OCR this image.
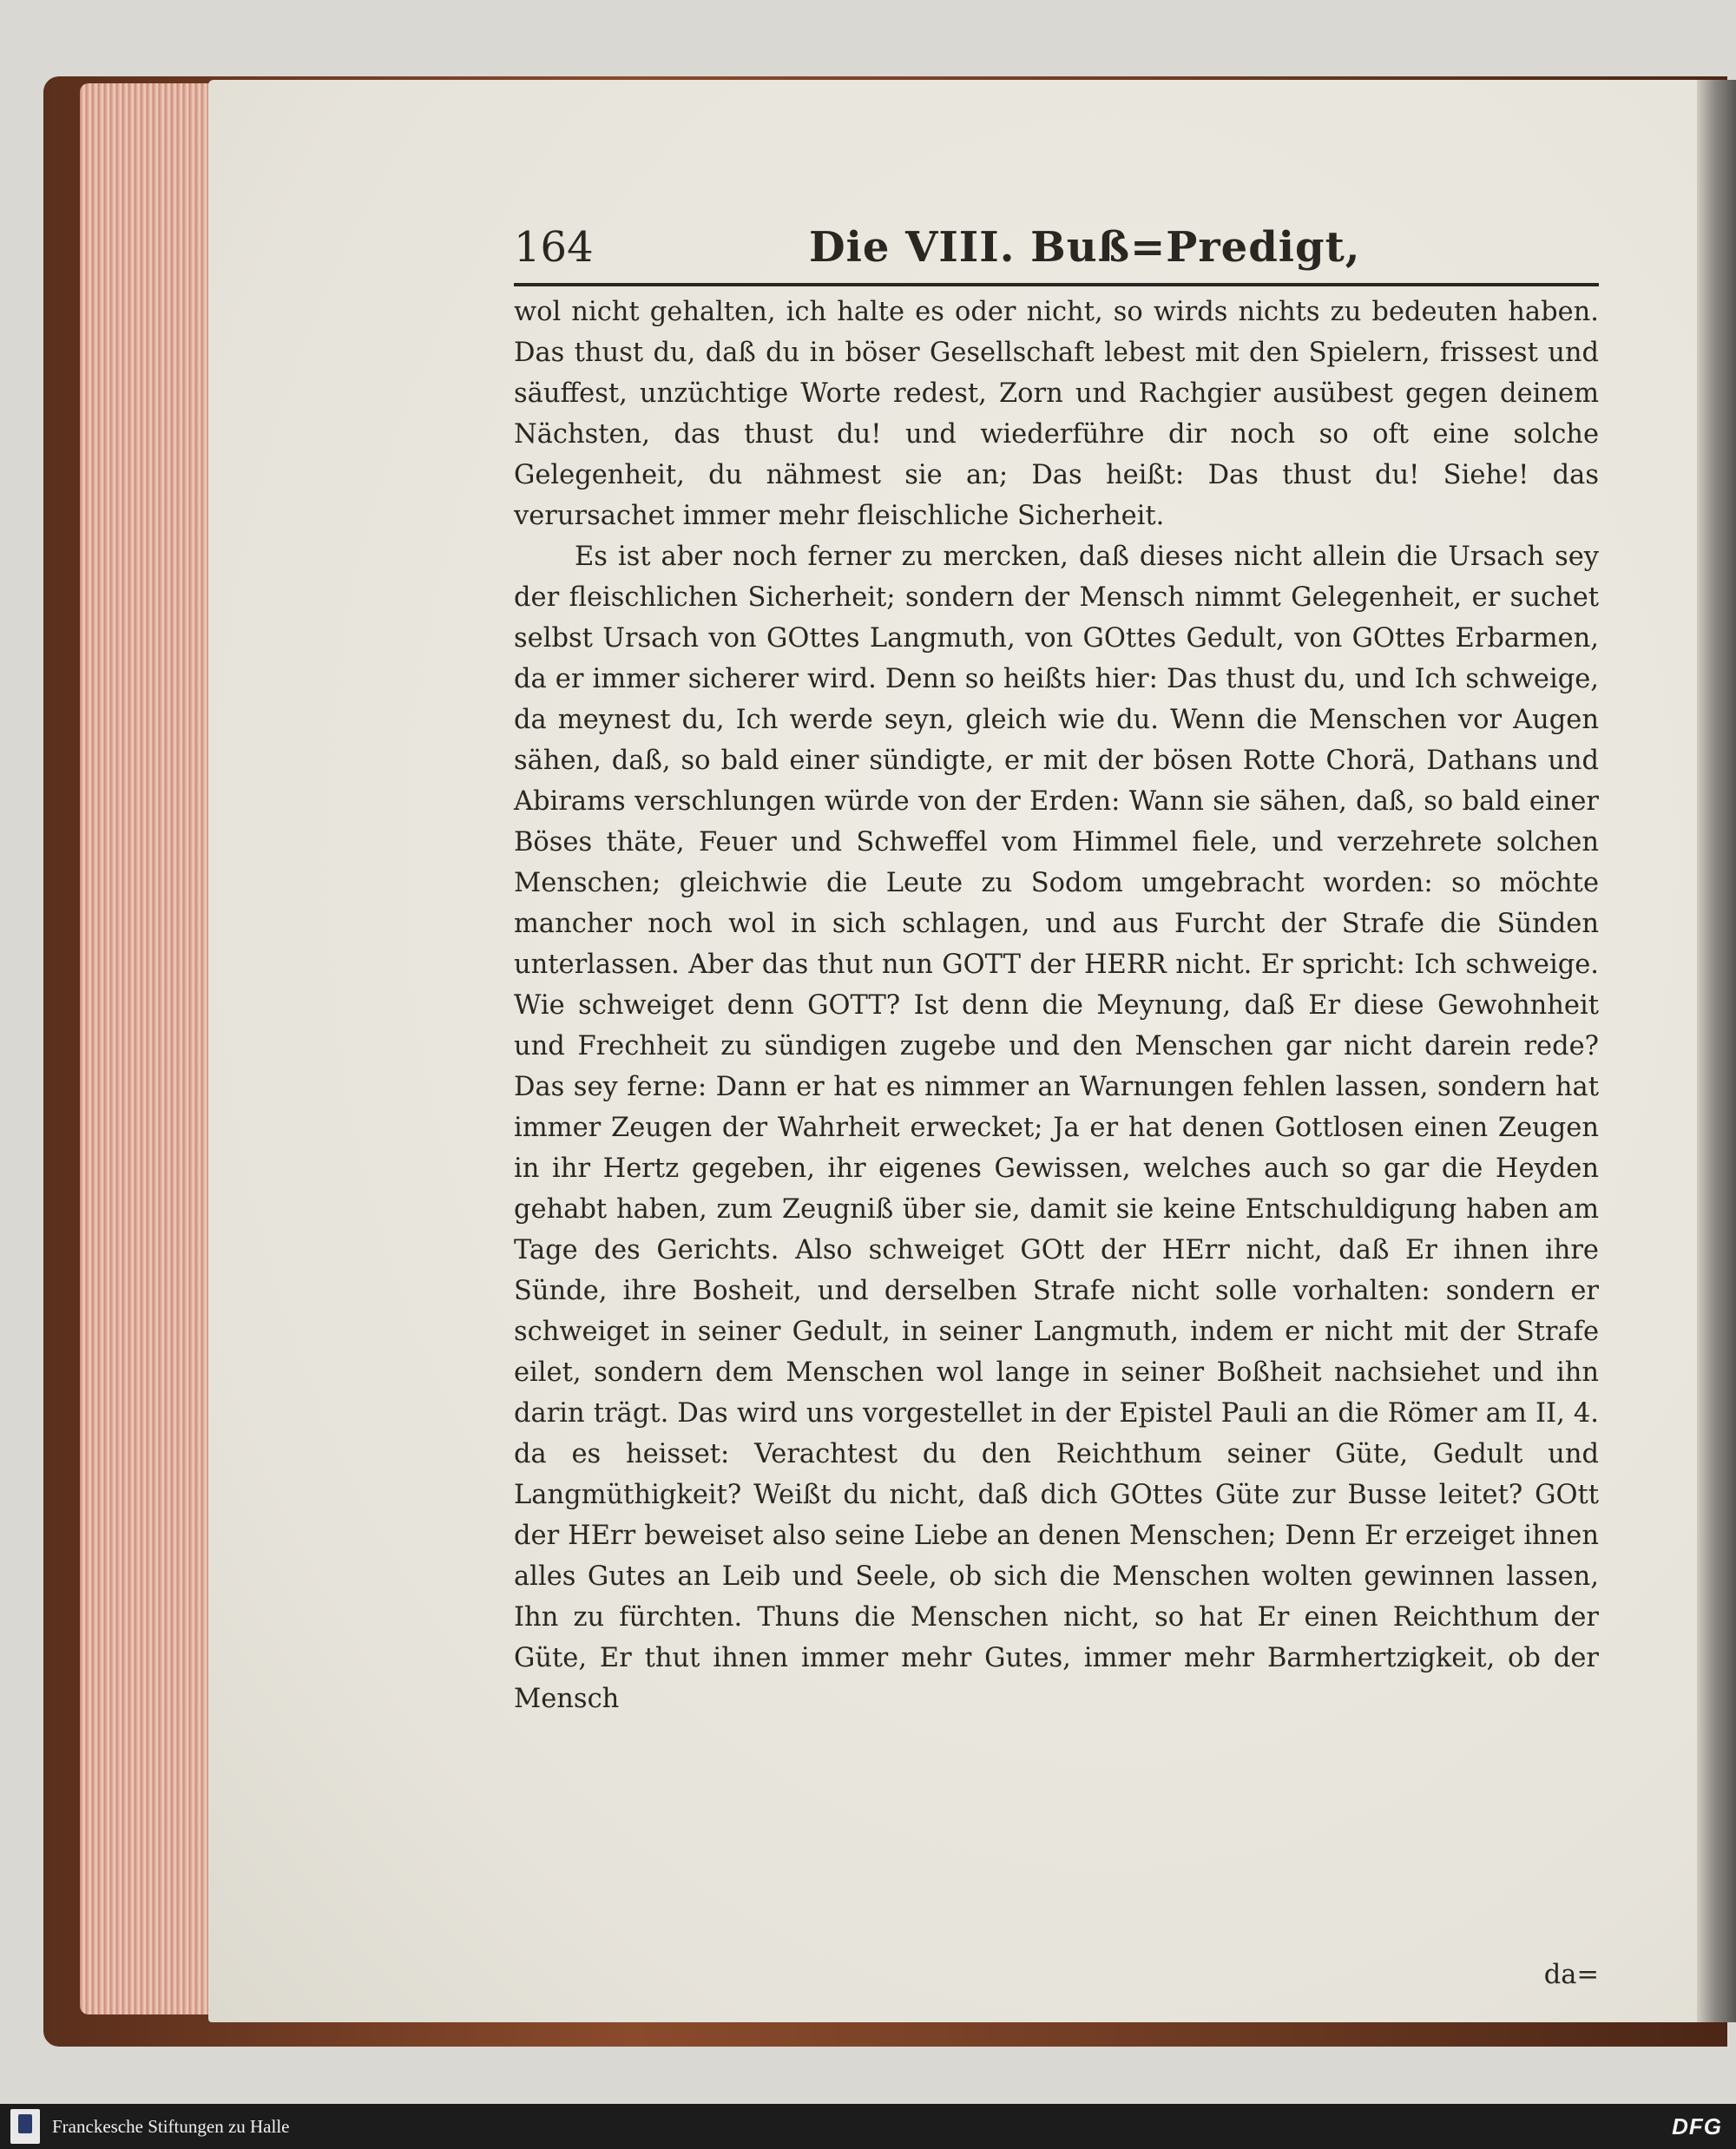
164	Die VIII. Buß=Predigt,

wol nicht gehalten, ich halte es oder nicht, so wirds nichts zu bedeuten haben. Das thust du, daß du in böser Gesellschaft lebest mit den Spielern, frissest und säuffest, unzüchtige Worte redest, Zorn und Rachgier ausübest gegen deinem Nächsten, das thust du! und wiederführe dir noch so oft eine solche Gelegenheit, du nähmest sie an; Das heißt: Das thust du! Siehe! das verursachet immer mehr fleischliche Sicherheit.

Es ist aber noch ferner zu mercken, daß dieses nicht allein die Ursach sey der fleischlichen Sicherheit; sondern der Mensch nimmt Gelegenheit, er suchet selbst Ursach von GOttes Langmuth, von GOttes Gedult, von GOttes Erbarmen, da er immer sicherer wird. Denn so heißts hier: Das thust du, und Ich schweige, da meynest du, Ich werde seyn, gleich wie du. Wenn die Menschen vor Augen sähen, daß, so bald einer sündigte, er mit der bösen Rotte Chorä, Dathans und Abirams verschlungen würde von der Erden: Wann sie sähen, daß, so bald einer Böses thäte, Feuer und Schweffel vom Himmel fiele, und verzehrete solchen Menschen; gleichwie die Leute zu Sodom umgebracht worden: so möchte mancher noch wol in sich schlagen, und aus Furcht der Strafe die Sünden unterlassen. Aber das thut nun GOTT der HERR nicht. Er spricht: Ich schweige. Wie schweiget denn GOTT? Ist denn die Meynung, daß Er diese Gewohnheit und Frechheit zu sündigen zugebe und den Menschen gar nicht darein rede? Das sey ferne: Dann er hat es nimmer an Warnungen fehlen lassen, sondern hat immer Zeugen der Wahrheit erwecket; Ja er hat denen Gottlosen einen Zeugen in ihr Hertz gegeben, ihr eigenes Gewissen, welches auch so gar die Heyden gehabt haben, zum Zeugniß über sie, damit sie keine Entschuldigung haben am Tage des Gerichts. Also schweiget GOtt der HErr nicht, daß Er ihnen ihre Sünde, ihre Bosheit, und derselben Strafe nicht solle vorhalten: sondern er schweiget in seiner Gedult, in seiner Langmuth, indem er nicht mit der Strafe eilet, sondern dem Menschen wol lange in seiner Boßheit nachsiehet und ihn darin trägt. Das wird uns vorgestellet in der Epistel Pauli an die Römer am II, 4. da es heisset: Verachtest du den Reichthum seiner Güte, Gedult und Langmüthigkeit? Weißt du nicht, daß dich GOttes Güte zur Busse leitet? GOtt der HErr beweiset also seine Liebe an denen Menschen; Denn Er erzeiget ihnen alles Gutes an Leib und Seele, ob sich die Menschen wolten gewinnen lassen, Ihn zu fürchten. Thuns die Menschen nicht, so hat Er einen Reichthum der Güte, Er thut ihnen immer mehr Gutes, immer mehr Barmhertzigkeit, ob der Mensch

da=
Franckesche Stiftungen zu Halle	DFG
